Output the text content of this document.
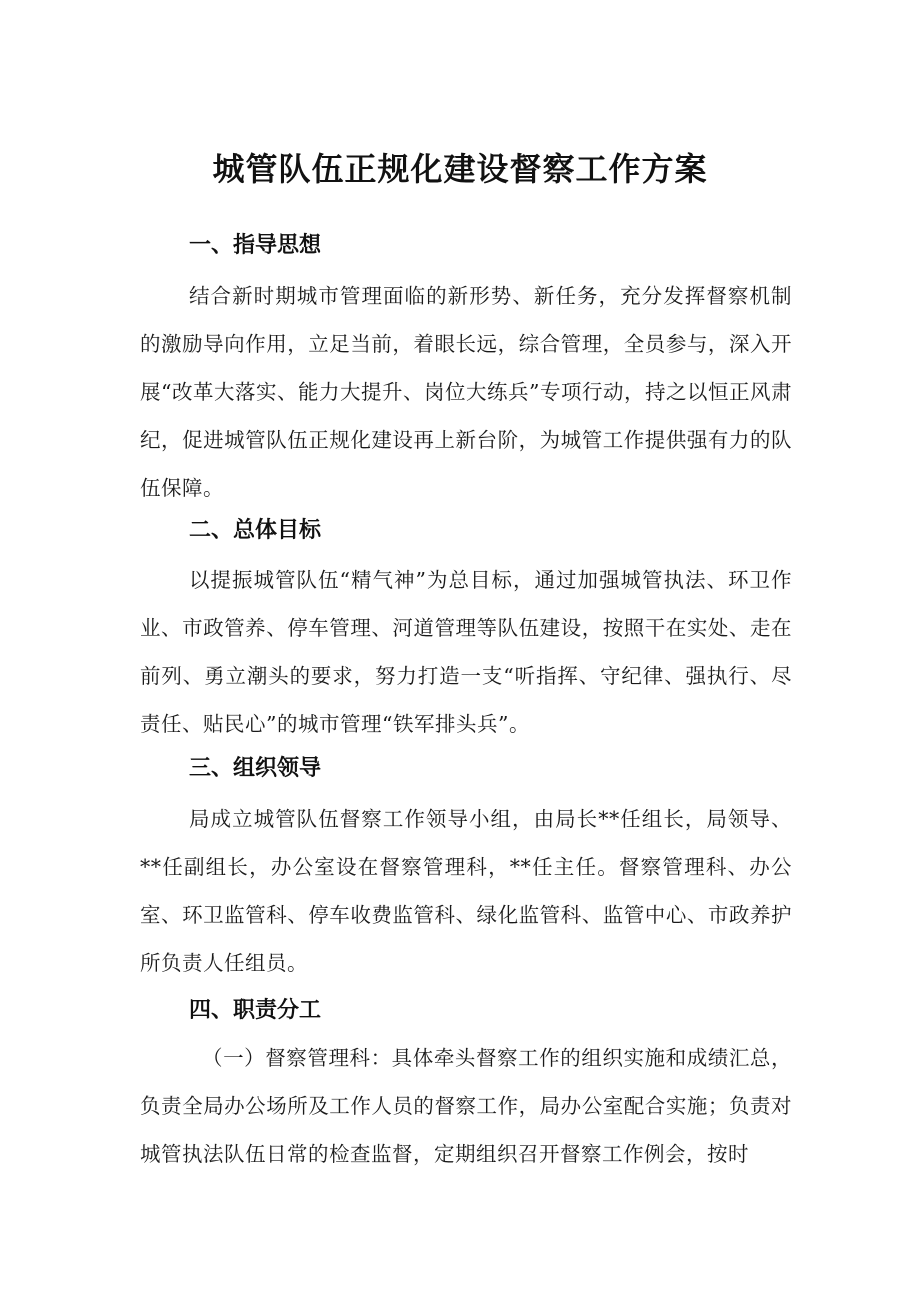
城管队伍正规化建设督察工作方案
一、指导思想
结合新时期城市管理面临的新形势、新任务，充分发挥督察机制的激励导向作用，立足当前，着眼长远，综合管理，全员参与，深入开展“改革大落实、能力大提升、岗位大练兵”专项行动，持之以恒正风肃纪，促进城管队伍正规化建设再上新台阶，为城管工作提供强有力的队伍保障。
二、总体目标
以提振城管队伍“精气神”为总目标，通过加强城管执法、环卫作业、市政管养、停车管理、河道管理等队伍建设，按照干在实处、走在前列、勇立潮头的要求，努力打造一支“听指挥、守纪律、强执行、尽责任、贴民心”的城市管理“铁军排头兵”。
三、组织领导
局成立城管队伍督察工作领导小组，由局长**任组长，局领导、**任副组长，办公室设在督察管理科，**任主任。督察管理科、办公室、环卫监管科、停车收费监管科、绿化监管科、监管中心、市政养护所负责人任组员。
四、职责分工
（一）督察管理科：具体牵头督察工作的组织实施和成绩汇总，负责全局办公场所及工作人员的督察工作，局办公室配合实施；负责对城管执法队伍日常的检查监督，定期组织召开督察工作例会，按时
